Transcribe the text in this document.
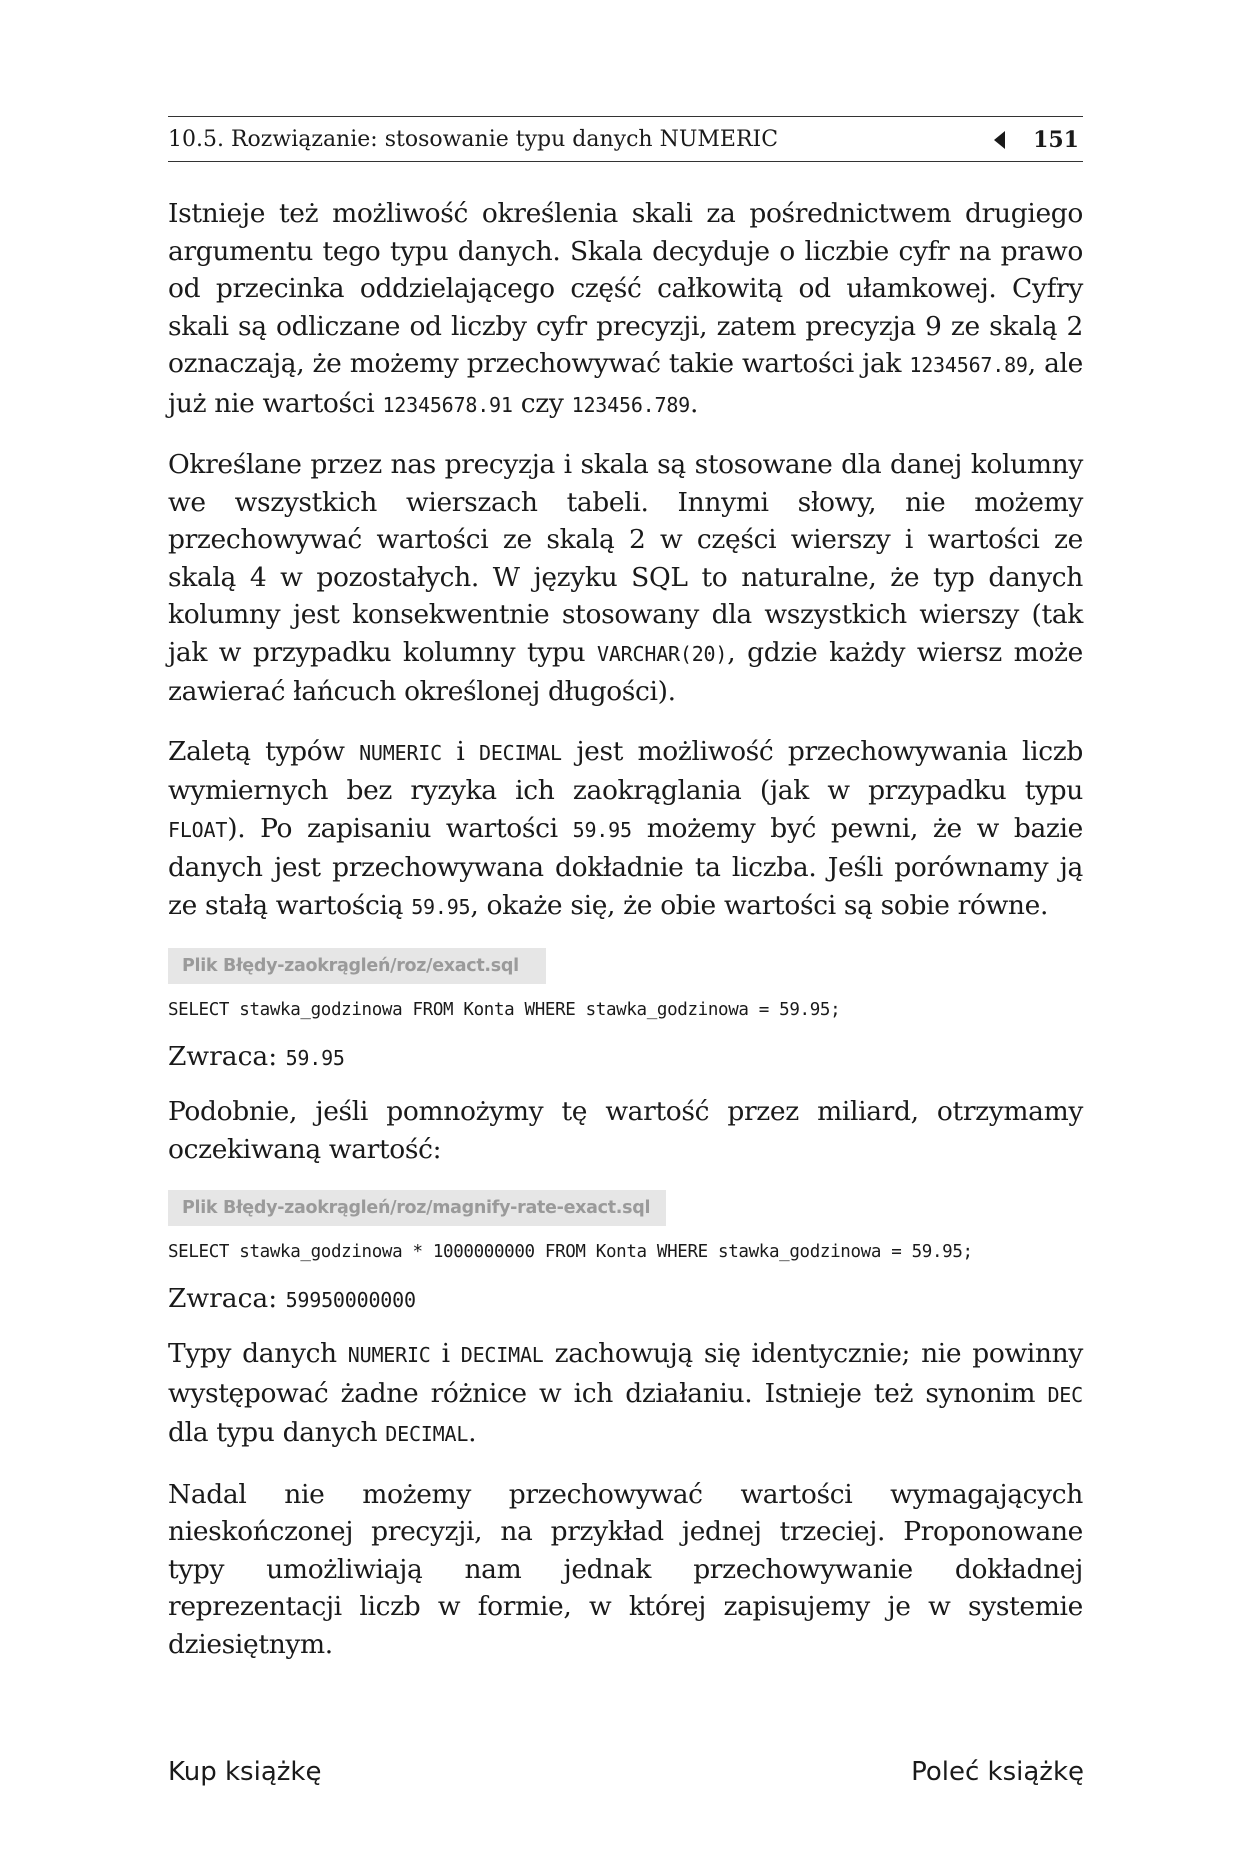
10.5. Rozwiązanie: stosowanie typu danych NUMERIC	151

Istnieje też możliwość określenia skali za pośrednictwem drugiego argumentu tego typu danych. Skala decyduje o liczbie cyfr na prawo od przecinka oddzielającego część całkowitą od ułamkowej. Cyfry skali są odliczane od liczby cyfr precyzji, zatem precyzja 9 ze skalą 2 oznaczają, że możemy przechowywać takie wartości jak 1234567.89, ale już nie wartości 12345678.91 czy 123456.789.

Określane przez nas precyzja i skala są stosowane dla danej kolumny we wszystkich wierszach tabeli. Innymi słowy, nie możemy przechowywać wartości ze skalą 2 w części wierszy i wartości ze skalą 4 w pozostałych. W języku SQL to naturalne, że typ danych kolumny jest konsekwentnie stosowany dla wszystkich wierszy (tak jak w przypadku kolumny typu VARCHAR(20), gdzie każdy wiersz może zawierać łańcuch określonej długości).

Zaletą typów NUMERIC i DECIMAL jest możliwość przechowywania liczb wymiernych bez ryzyka ich zaokrąglania (jak w przypadku typu FLOAT). Po zapisaniu wartości 59.95 możemy być pewni, że w bazie danych jest przechowywana dokładnie ta liczba. Jeśli porównamy ją ze stałą wartością 59.95, okaże się, że obie wartości są sobie równe.

Plik Błędy-zaokrągleń/roz/exact.sql
SELECT stawka_godzinowa FROM Konta WHERE stawka_godzinowa = 59.95;
Zwraca: 59.95

Podobnie, jeśli pomnożymy tę wartość przez miliard, otrzymamy oczekiwaną wartość:

Plik Błędy-zaokrągleń/roz/magnify-rate-exact.sql
SELECT stawka_godzinowa * 1000000000 FROM Konta WHERE stawka_godzinowa = 59.95;
Zwraca: 59950000000

Typy danych NUMERIC i DECIMAL zachowują się identycznie; nie powinny występować żadne różnice w ich działaniu. Istnieje też synonim DEC dla typu danych DECIMAL.

Nadal nie możemy przechowywać wartości wymagających nieskończonej precyzji, na przykład jednej trzeciej. Proponowane typy umożliwiają nam jednak przechowywanie dokładnej reprezentacji liczb w formie, w której zapisujemy je w systemie dziesiętnym.

Kup książkę	Poleć książkę
